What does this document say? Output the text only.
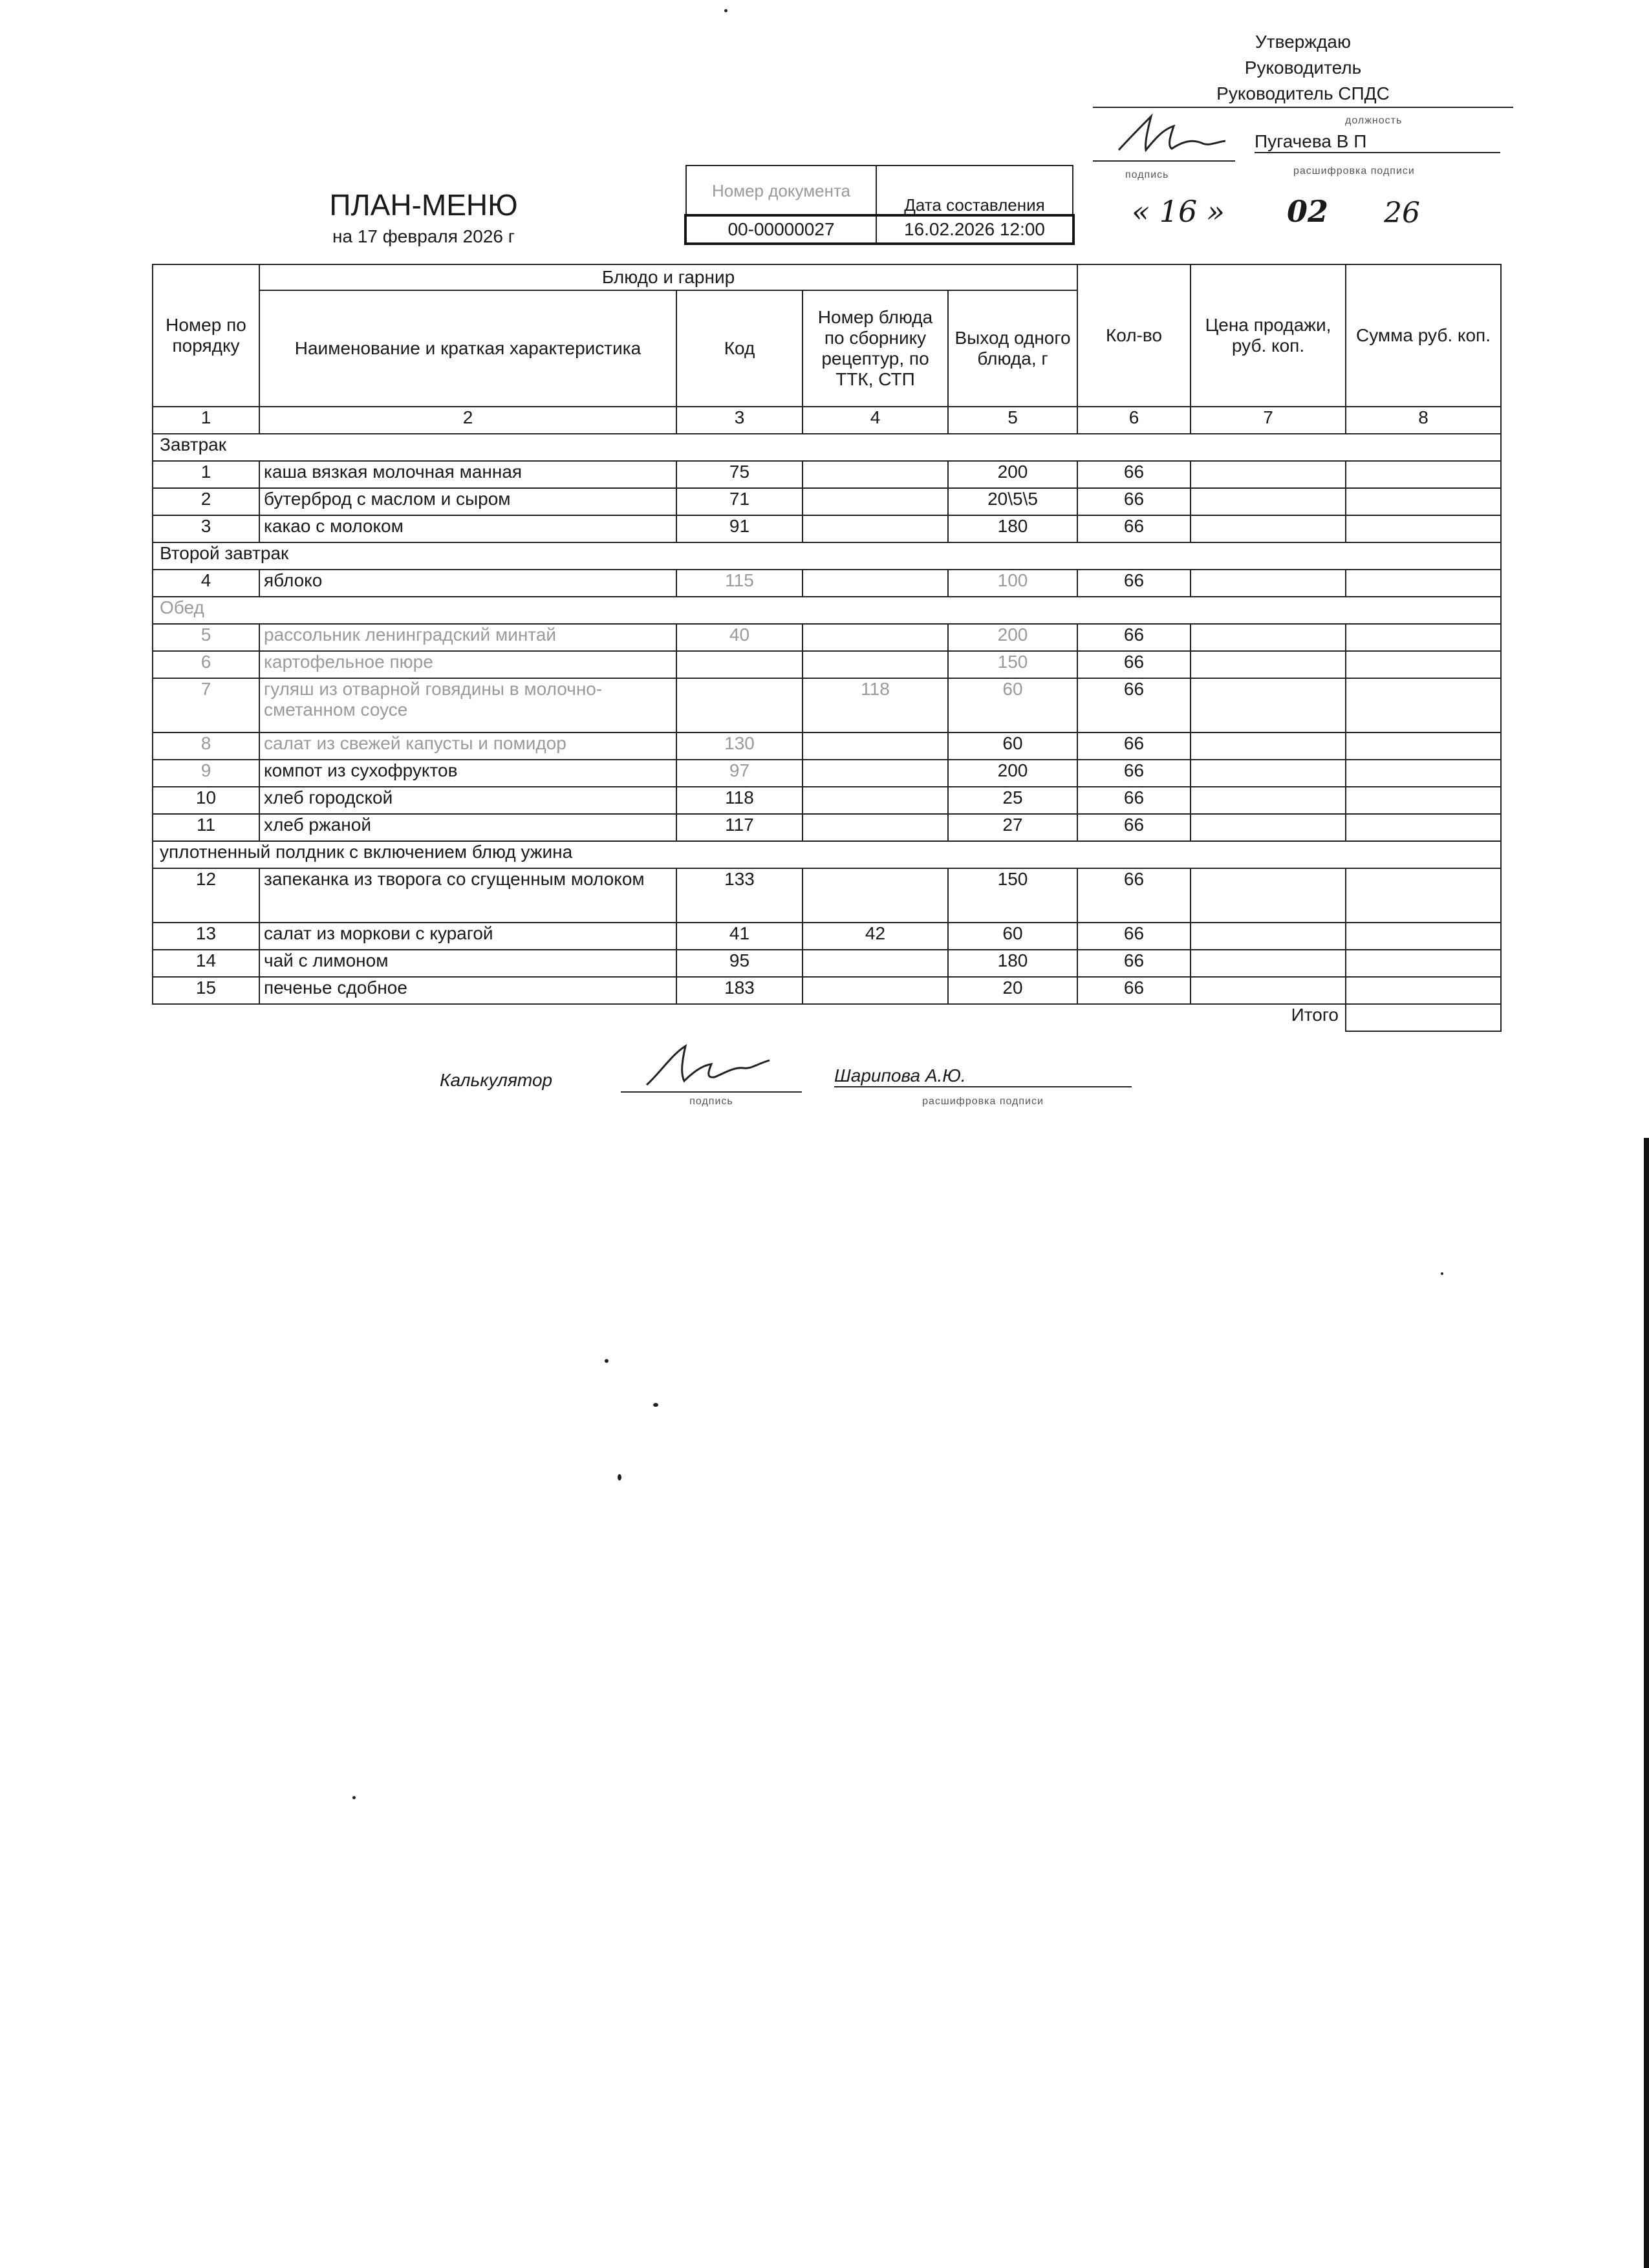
Утверждаю
Руководитель
Руководитель СПДС
должность
Пугачева В П
подпись	расшифровка подписи
« 16 » 02 26
ПЛАН-МЕНЮ
на 17 февраля 2026 г
Номер документа	Дата составления
00-00000027	16.02.2026 12:00
Номер по порядку	Блюдо и гарнир				Кол-во	Цена продажи, руб. коп.	Сумма руб. коп.
	Наименование и краткая характеристика	Код	Номер блюда по сборнику рецептур, по ТТК, СТП	Выход одного блюда, г			
1	2	3	4	5	6	7	8
Завтрак							
1	каша вязкая молочная манная	75		200	66		
2	бутерброд с маслом и сыром	71		20\5\5	66		
3	какао с молоком	91		180	66		
Второй завтрак							
4	яблоко	115		100	66		
Обед							
5	рассольник ленинградский минтай	40		200	66		
6	картофельное пюре			150	66		
7	гуляш из отварной говядины в молочно-сметанном соусе		118	60	66		
8	салат из свежей капусты и помидор	130		60	66		
9	компот из сухофруктов	97		200	66		
10	хлеб городской	118		25	66		
11	хлеб ржаной	117		27	66		
уплотненный полдник с включением блюд ужина							
12	запеканка из творога со сгущенным молоком	133		150	66		
13	салат из моркови с курагой	41	42	60	66		
14	чай с лимоном	95		180	66		
15	печенье сдобное	183		20	66		
Итого							
Калькулятор	Шарипова А.Ю.
подпись	расшифровка подписи
